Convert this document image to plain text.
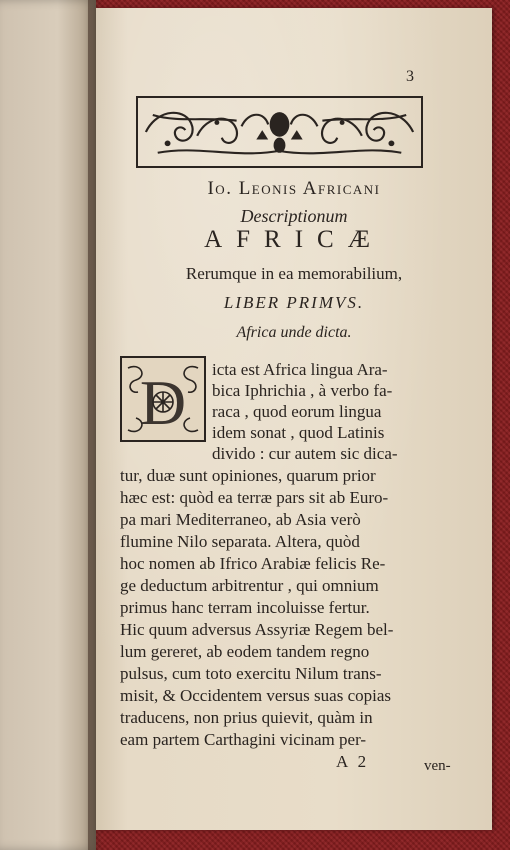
3
Io. Leonis Africani
Descriptionum
AFRICÆ
Rerumque in ea memorabilium,
LIBER PRIMVS.
Africa unde dicta.
D icta est Africa lingua Ara-
bica Iphrichia , à verbo fa-
raca , quod eorum lingua
idem sonat , quod Latinis
divido : cur autem sic dica-
tur, duæ sunt opiniones, quarum prior
hæc est: quòd ea terræ pars sit ab Euro-
pa mari Mediterraneo, ab Asia verò
flumine Nilo separata. Altera, quòd
hoc nomen ab Ifrico Arabiæ felicis Re-
ge deductum arbitrentur , qui omnium
primus hanc terram incoluisse fertur.
Hic quum adversus Assyriæ Regem bel-
lum gereret, ab eodem tandem regno
pulsus, cum toto exercitu Nilum trans-
misit, & Occidentem versus suas copias
traducens, non prius quievit, quàm in
eam partem Carthagini vicinam per-
A 2	ven-
